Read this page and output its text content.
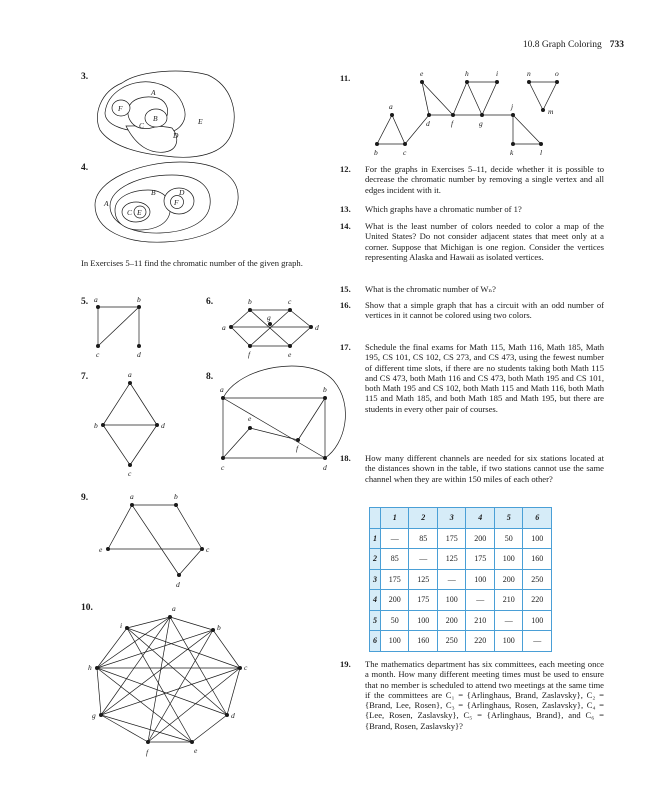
10.8 Graph Coloring 733
3.
4.
5.	6.
7.	8.
9.
10.
In Exercises 5–11 find the chromatic number of the given graph.
11.
12. For the graphs in Exercises 5–11, decide whether it is possible to decrease the chromatic number by removing a single vertex and all edges incident with it.
13. Which graphs have a chromatic number of 1?
14. What is the least number of colors needed to color a map of the United States? Do not consider adjacent states that meet only at a corner. Suppose that Michigan is one region. Consider the vertices representing Alaska and Hawaii as isolated vertices.
15. What is the chromatic number of Wₙ?
16. Show that a simple graph that has a circuit with an odd number of vertices in it cannot be colored using two colors.
17. Schedule the final exams for Math 115, Math 116, Math 185, Math 195, CS 101, CS 102, CS 273, and CS 473, using the fewest number of different time slots, if there are no students taking both Math 115 and CS 473, both Math 116 and CS 473, both Math 195 and CS 101, both Math 195 and CS 102, both Math 115 and Math 116, both Math 115 and Math 185, and both Math 185 and Math 195, but there are students in every other pair of courses.
18. How many different channels are needed for six stations located at the distances shown in the table, if two stations cannot use the same channel when they are within 150 miles of each other?
19. The mathematics department has six committees, each meeting once a month. How many different meeting times must be used to ensure that no member is scheduled to attend two meetings at the same time if the committees are C₁ = {Arlinghaus, Brand, Zaslavsky}, C₂ = {Brand, Lee, Rosen}, C₃ = {Arlinghaus, Rosen, Zaslavsky}, C₄ = {Lee, Rosen, Zaslavsky}, C₅ = {Arlinghaus, Brand}, and C₆ = {Brand, Rosen, Zaslavsky}?
	1	2	3	4	5	6
1	—	85	175	200	50	100
2	85	—	125	175	100	160
3	175	125	—	100	200	250
4	200	175	100	—	210	220
5	50	100	200	210	—	100
6	100	160	250	220	100	—
A
B
C
D
E
F
A
B
C
D
E
F
a	b
c	d
a
b	c
d
e
f
g
a
b	d
c
a	b
c	d
e
f
a	b
e	c
d
a
b
c
d
e
f
g
h
i
a
b	c
d
e
f	g
h	i
j
k	l
m
n	o
